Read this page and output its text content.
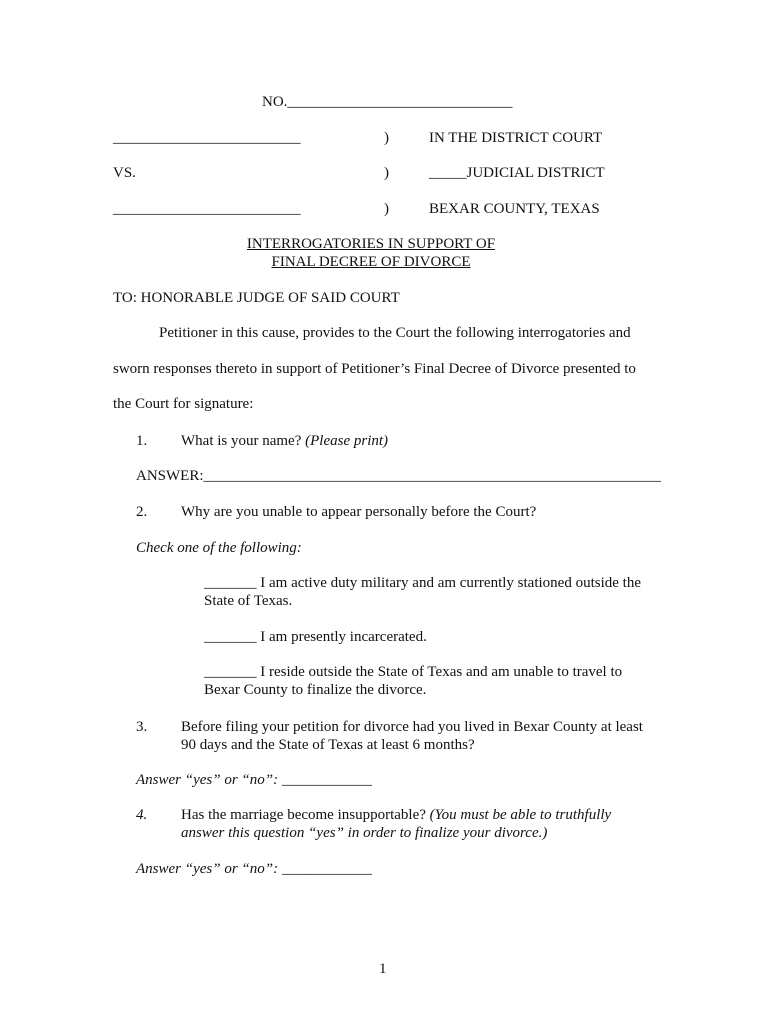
NO.______________________________
_________________________	)	IN THE DISTRICT COURT
VS.	)	_____JUDICIAL DISTRICT
_________________________	)	BEXAR COUNTY, TEXAS
INTERROGATORIES IN SUPPORT OF
FINAL DECREE OF DIVORCE
TO: HONORABLE JUDGE OF SAID COURT
Petitioner in this cause, provides to the Court the following interrogatories and
sworn responses thereto in support of Petitioner’s Final Decree of Divorce presented to
the Court for signature:
1. What is your name? (Please print)
ANSWER:_____________________________________________________________
2. Why are you unable to appear personally before the Court?
Check one of the following:
_______ I am active duty military and am currently stationed outside the
State of Texas.
_______ I am presently incarcerated.
_______ I reside outside the State of Texas and am unable to travel to
Bexar County to finalize the divorce.
3. Before filing your petition for divorce had you lived in Bexar County at least
90 days and the State of Texas at least 6 months?
Answer “yes” or “no”: ____________
4. Has the marriage become insupportable? (You must be able to truthfully
answer this question “yes” in order to finalize your divorce.)
Answer “yes” or “no”: ____________
1
